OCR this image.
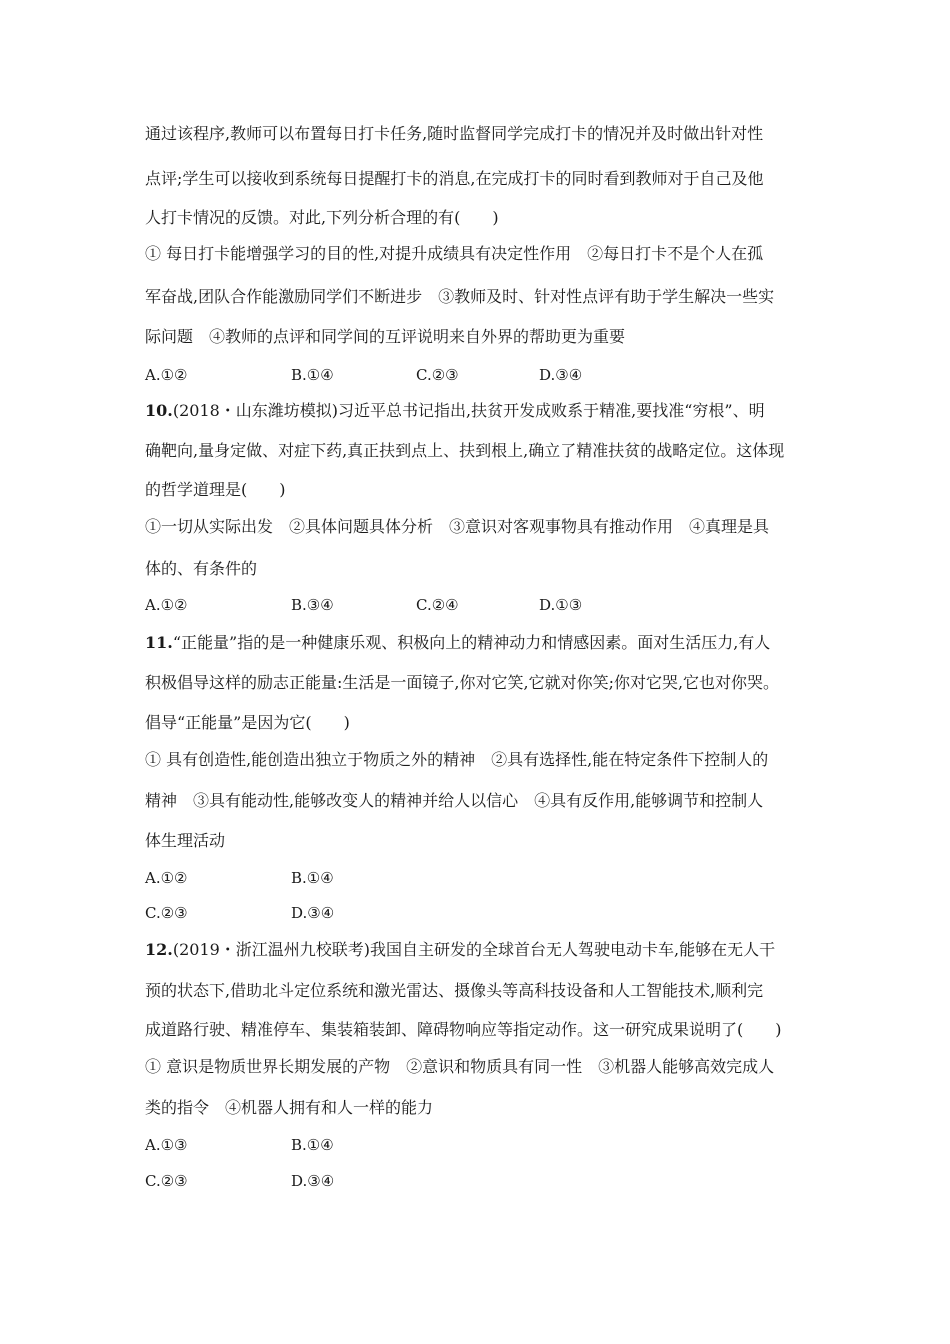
通过该程序,教师可以布置每日打卡任务,随时监督同学完成打卡的情况并及时做出针对性
点评;学生可以接收到系统每日提醒打卡的消息,在完成打卡的同时看到教师对于自己及他
人打卡情况的反馈。对此,下列分析合理的有(　　)
① 每日打卡能增强学习的目的性,对提升成绩具有决定性作用　②每日打卡不是个人在孤
军奋战,团队合作能激励同学们不断进步　③教师及时、针对性点评有助于学生解决一些实
际问题　④教师的点评和同学间的互评说明来自外界的帮助更为重要
A.①②	B.①④	C.②③	D.③④
10.(2018・山东潍坊模拟)习近平总书记指出,扶贫开发成败系于精准,要找准“穷根”、明
确靶向,量身定做、对症下药,真正扶到点上、扶到根上,确立了精准扶贫的战略定位。这体现
的哲学道理是(　　)
①一切从实际出发　②具体问题具体分析　③意识对客观事物具有推动作用　④真理是具
体的、有条件的
A.①②	B.③④	C.②④	D.①③
11.“正能量”指的是一种健康乐观、积极向上的精神动力和情感因素。面对生活压力,有人
积极倡导这样的励志正能量:生活是一面镜子,你对它笑,它就对你笑;你对它哭,它也对你哭。
倡导“正能量”是因为它(　　)
① 具有创造性,能创造出独立于物质之外的精神　②具有选择性,能在特定条件下控制人的
精神　③具有能动性,能够改变人的精神并给人以信心　④具有反作用,能够调节和控制人
体生理活动
A.①②	B.①④
C.②③	D.③④
12.(2019・浙江温州九校联考)我国自主研发的全球首台无人驾驶电动卡车,能够在无人干
预的状态下,借助北斗定位系统和激光雷达、摄像头等高科技设备和人工智能技术,顺利完
成道路行驶、精准停车、集装箱装卸、障碍物响应等指定动作。这一研究成果说明了(　　)
① 意识是物质世界长期发展的产物　②意识和物质具有同一性　③机器人能够高效完成人
类的指令　④机器人拥有和人一样的能力
A.①③	B.①④
C.②③	D.③④
